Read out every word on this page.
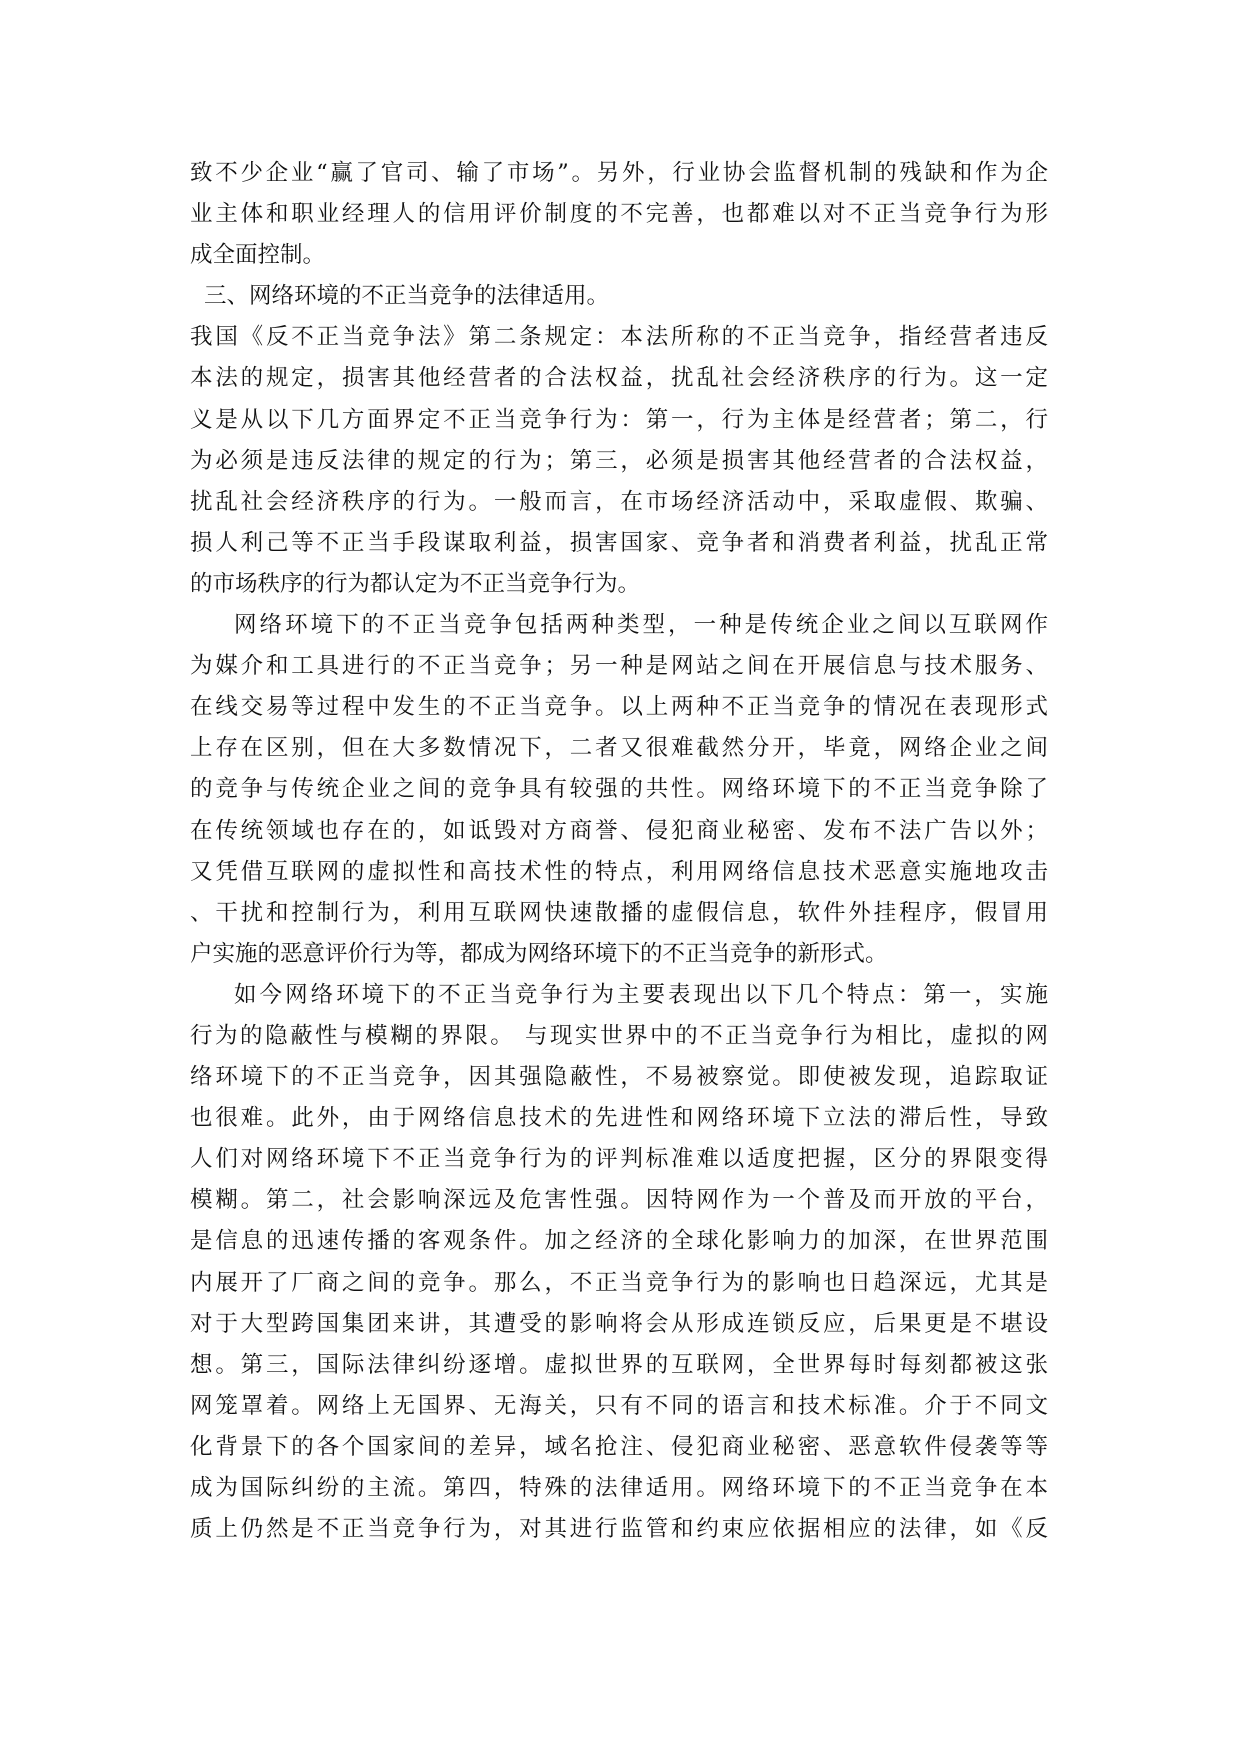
致不少企业“赢了官司、输了市场”。另外，行业协会监督机制的残缺和作为企
业主体和职业经理人的信用评价制度的不完善，也都难以对不正当竞争行为形
成全面控制。
三、网络环境的不正当竞争的法律适用。
我国《反不正当竞争法》第二条规定：本法所称的不正当竞争，指经营者违反
本法的规定，损害其他经营者的合法权益，扰乱社会经济秩序的行为。这一定
义是从以下几方面界定不正当竞争行为：第一，行为主体是经营者；第二，行
为必须是违反法律的规定的行为；第三，必须是损害其他经营者的合法权益，
扰乱社会经济秩序的行为。一般而言，在市场经济活动中，采取虚假、欺骗、
损人利己等不正当手段谋取利益，损害国家、竞争者和消费者利益，扰乱正常
的市场秩序的行为都认定为不正当竞争行为。
网络环境下的不正当竞争包括两种类型，一种是传统企业之间以互联网作
为媒介和工具进行的不正当竞争；另一种是网站之间在开展信息与技术服务、
在线交易等过程中发生的不正当竞争。以上两种不正当竞争的情况在表现形式
上存在区别，但在大多数情况下，二者又很难截然分开，毕竟，网络企业之间
的竞争与传统企业之间的竞争具有较强的共性。网络环境下的不正当竞争除了
在传统领域也存在的，如诋毁对方商誉、侵犯商业秘密、发布不法广告以外；
又凭借互联网的虚拟性和高技术性的特点，利用网络信息技术恶意实施地攻击
、干扰和控制行为，利用互联网快速散播的虚假信息，软件外挂程序，假冒用
户实施的恶意评价行为等，都成为网络环境下的不正当竞争的新形式。
如今网络环境下的不正当竞争行为主要表现出以下几个特点：第一，实施
行为的隐蔽性与模糊的界限。 与现实世界中的不正当竞争行为相比，虚拟的网
络环境下的不正当竞争，因其强隐蔽性，不易被察觉。即使被发现，追踪取证
也很难。此外，由于网络信息技术的先进性和网络环境下立法的滞后性，导致
人们对网络环境下不正当竞争行为的评判标准难以适度把握，区分的界限变得
模糊。第二，社会影响深远及危害性强。因特网作为一个普及而开放的平台，
是信息的迅速传播的客观条件。加之经济的全球化影响力的加深，在世界范围
内展开了厂商之间的竞争。那么，不正当竞争行为的影响也日趋深远，尤其是
对于大型跨国集团来讲，其遭受的影响将会从形成连锁反应，后果更是不堪设
想。第三，国际法律纠纷逐增。虚拟世界的互联网，全世界每时每刻都被这张
网笼罩着。网络上无国界、无海关，只有不同的语言和技术标准。介于不同文
化背景下的各个国家间的差异，域名抢注、侵犯商业秘密、恶意软件侵袭等等
成为国际纠纷的主流。第四，特殊的法律适用。网络环境下的不正当竞争在本
质上仍然是不正当竞争行为，对其进行监管和约束应依据相应的法律，如《反
